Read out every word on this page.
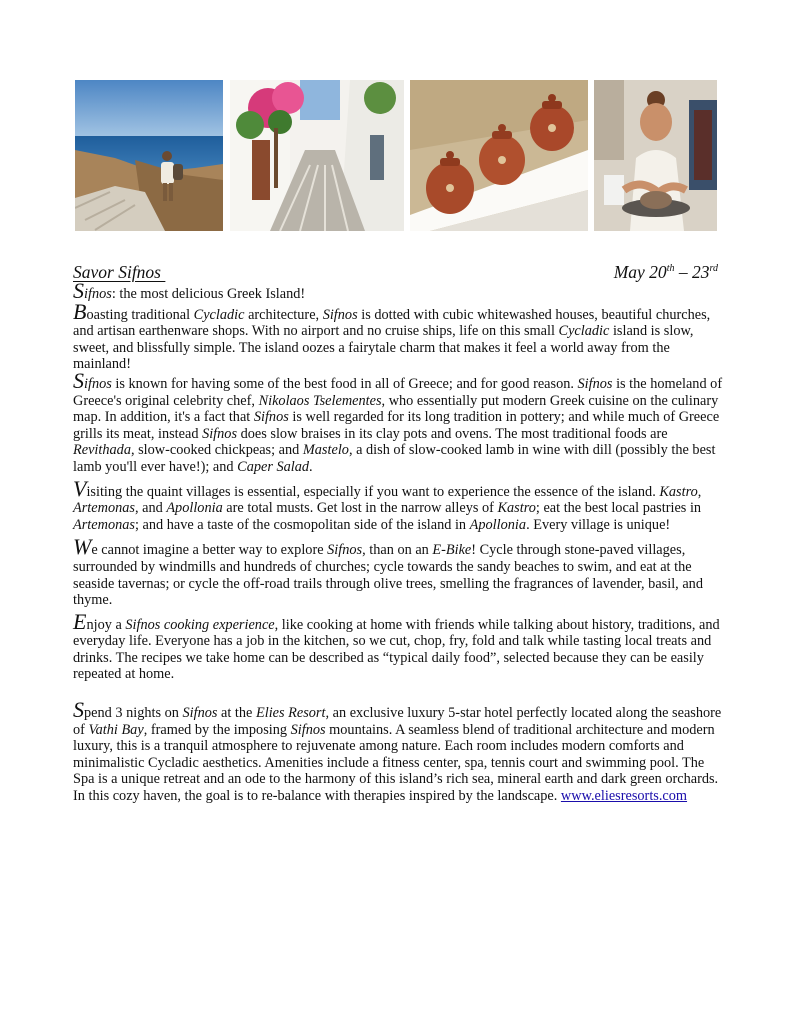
Savor Sifnos	May 20th – 23rd

Sifnos: the most delicious Greek Island!

Boasting traditional Cycladic architecture, Sifnos is dotted with cubic whitewashed houses, beautiful churches, and artisan earthenware shops. With no airport and no cruise ships, life on this small Cycladic island is slow, sweet, and blissfully simple. The island oozes a fairytale charm that makes it feel a world away from the mainland!

Sifnos is known for having some of the best food in all of Greece; and for good reason. Sifnos is the homeland of Greece's original celebrity chef, Nikolaos Tselementes, who essentially put modern Greek cuisine on the culinary map. In addition, it's a fact that Sifnos is well regarded for its long tradition in pottery; and while much of Greece grills its meat, instead Sifnos does slow braises in its clay pots and ovens. The most traditional foods are Revithada, slow-cooked chickpeas; and Mastelo, a dish of slow-cooked lamb in wine with dill (possibly the best lamb you'll ever have!); and Caper Salad.

Visiting the quaint villages is essential, especially if you want to experience the essence of the island. Kastro, Artemonas, and Apollonia are total musts. Get lost in the narrow alleys of Kastro; eat the best local pastries in Artemonas; and have a taste of the cosmopolitan side of the island in Apollonia. Every village is unique!

We cannot imagine a better way to explore Sifnos, than on an E-Bike! Cycle through stone-paved villages, surrounded by windmills and hundreds of churches; cycle towards the sandy beaches to swim, and eat at the seaside tavernas; or cycle the off-road trails through olive trees, smelling the fragrances of lavender, basil, and thyme.

Enjoy a Sifnos cooking experience, like cooking at home with friends while talking about history, traditions, and everyday life. Everyone has a job in the kitchen, so we cut, chop, fry, fold and talk while tasting local treats and drinks. The recipes we take home can be described as “typical daily food”, selected because they can be easily repeated at home.

Spend 3 nights on Sifnos at the Elies Resort, an exclusive luxury 5-star hotel perfectly located along the seashore of Vathi Bay, framed by the imposing Sifnos mountains. A seamless blend of traditional architecture and modern luxury, this is a tranquil atmosphere to rejuvenate among nature. Each room includes modern comforts and minimalistic Cycladic aesthetics. Amenities include a fitness center, spa, tennis court and swimming pool. The Spa is a unique retreat and an ode to the harmony of this island’s rich sea, mineral earth and dark green orchards. In this cozy haven, the goal is to re-balance with therapies inspired by the landscape. www.eliesresorts.com
